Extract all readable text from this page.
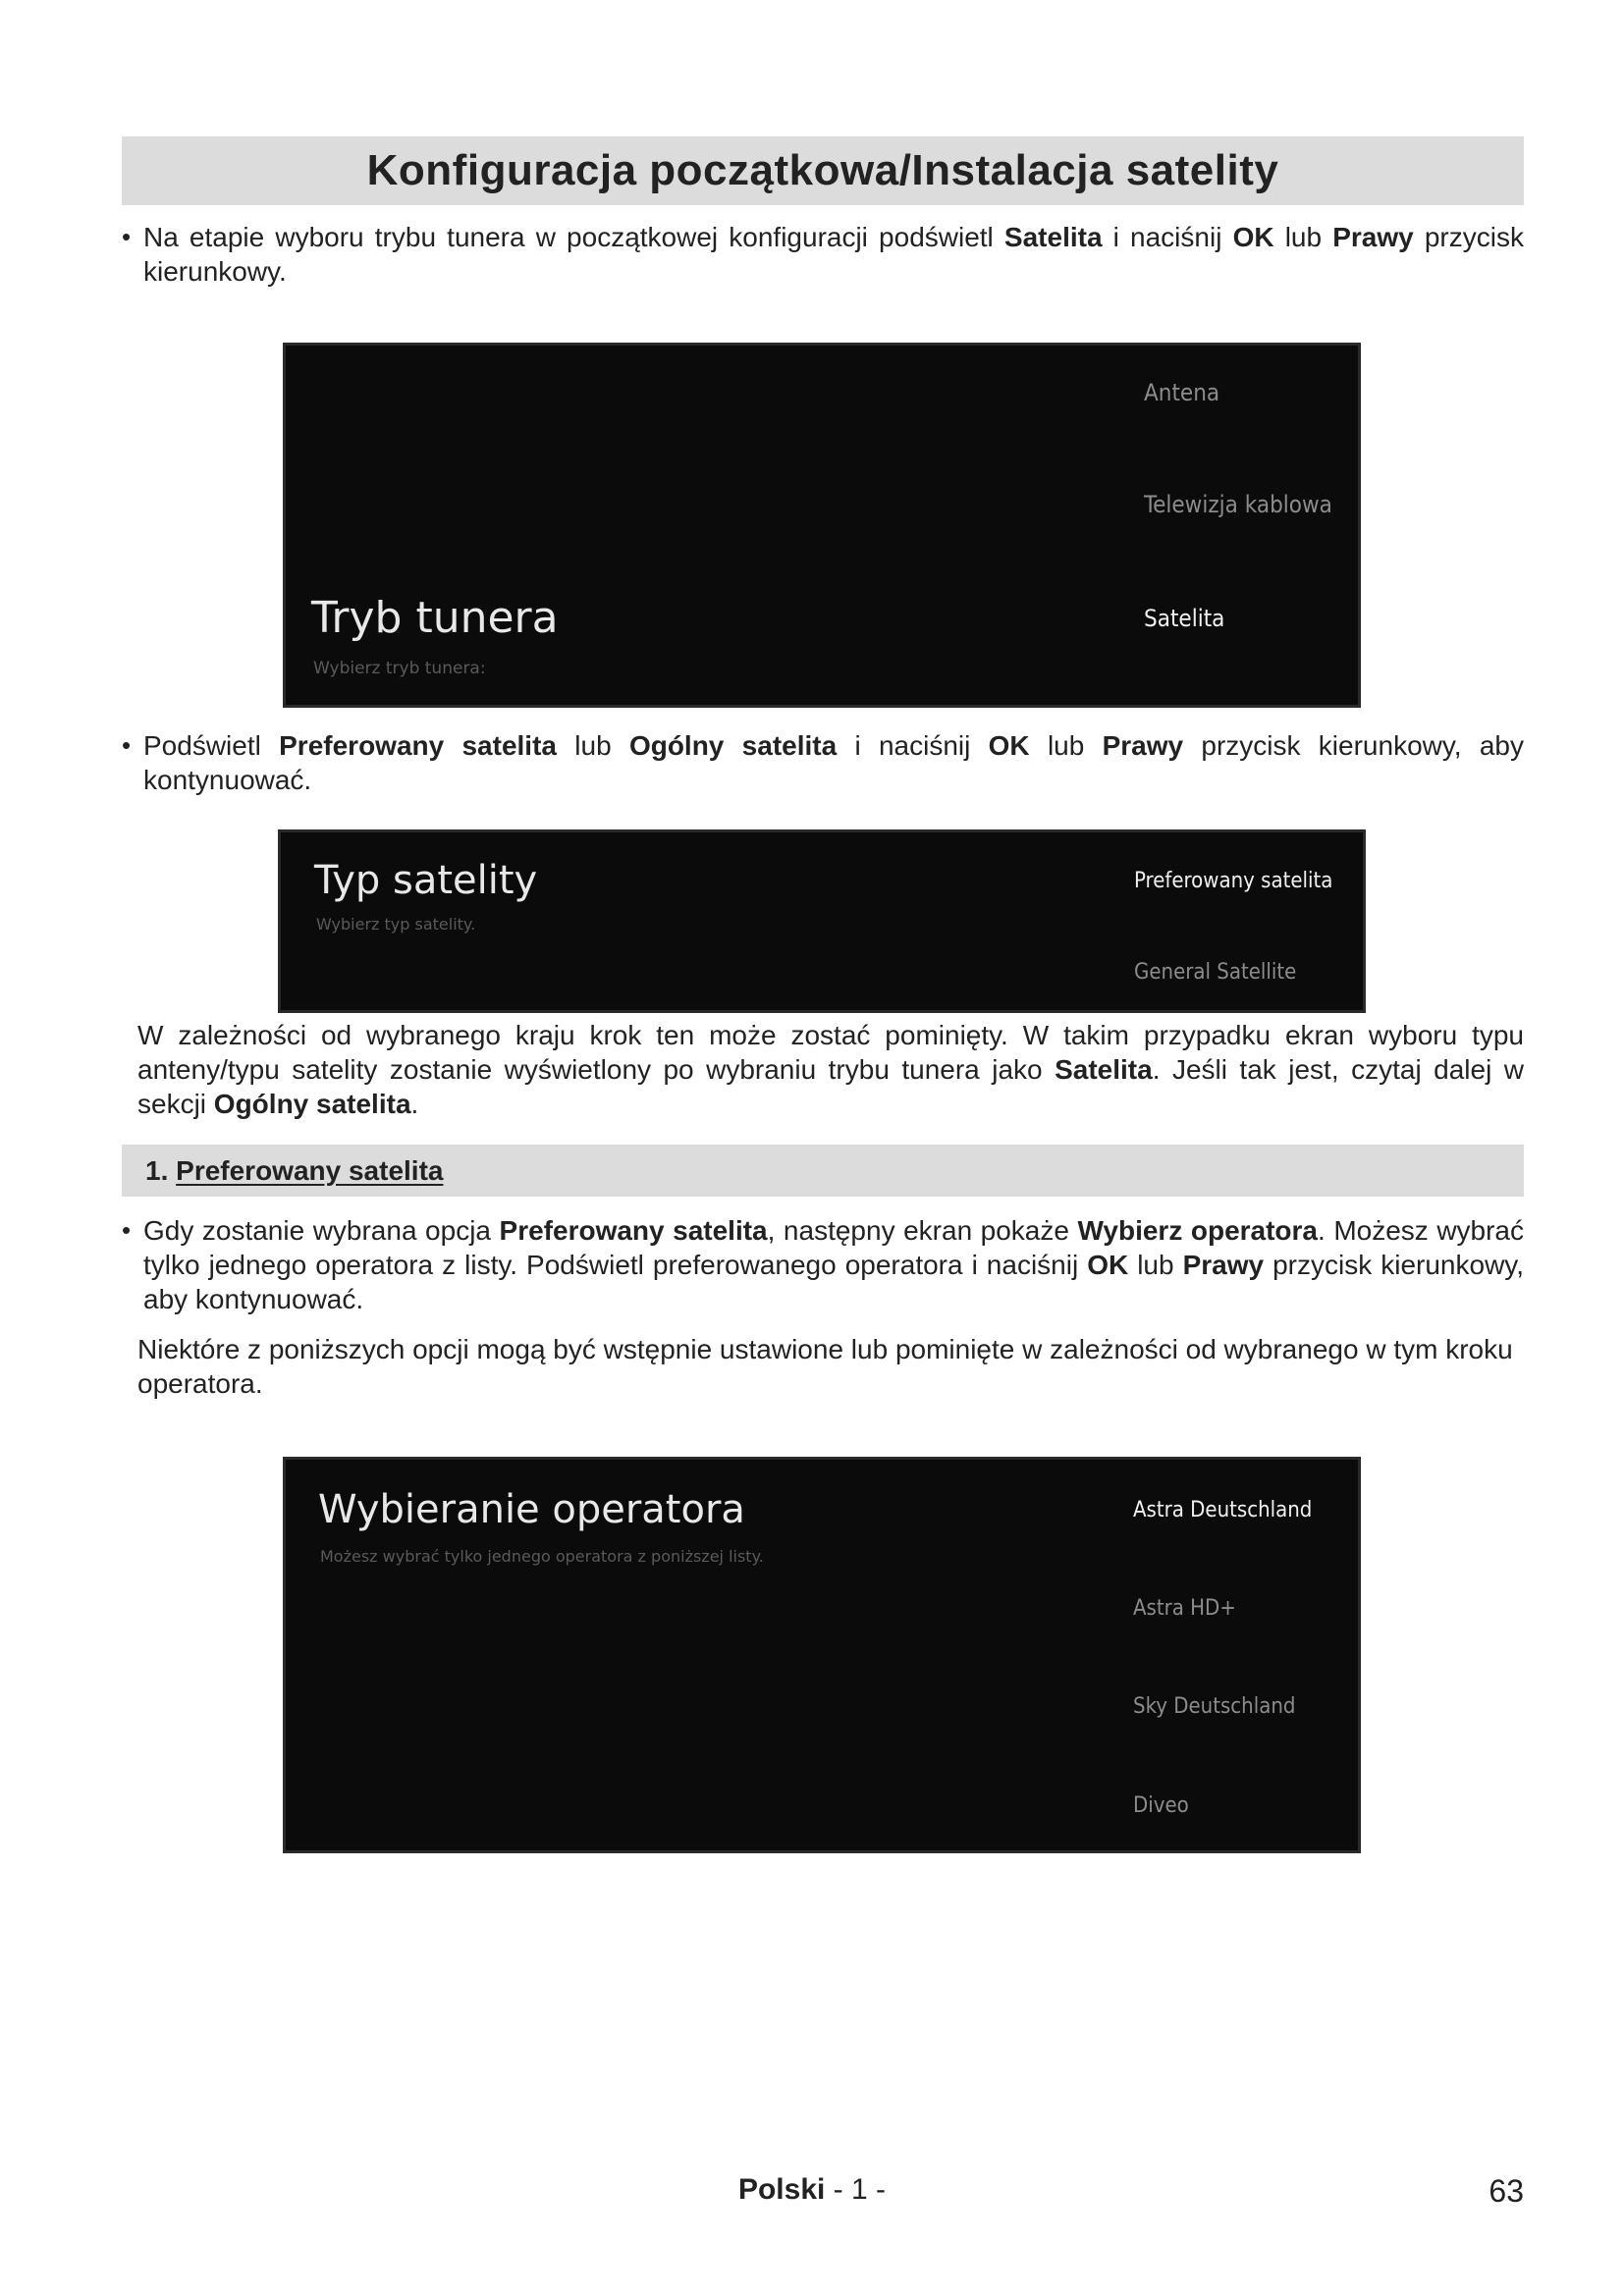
Konfiguracja początkowa/Instalacja satelity
• Na etapie wyboru trybu tunera w początkowej konfiguracji podświetl Satelita i naciśnij OK lub Prawy przycisk kierunkowy.
Tryb tunera
Wybierz tryb tunera:
Antena
Telewizja kablowa
Satelita
• Podświetl Preferowany satelita lub Ogólny satelita i naciśnij OK lub Prawy przycisk kierunkowy, aby kontynuować.
Typ satelity
Wybierz typ satelity.
Preferowany satelita
General Satellite
W zależności od wybranego kraju krok ten może zostać pominięty. W takim przypadku ekran wyboru typu anteny/typu satelity zostanie wyświetlony po wybraniu trybu tunera jako Satelita. Jeśli tak jest, czytaj dalej w sekcji Ogólny satelita.
1. Preferowany satelita
• Gdy zostanie wybrana opcja Preferowany satelita, następny ekran pokaże Wybierz operatora. Możesz wybrać tylko jednego operatora z listy. Podświetl preferowanego operatora i naciśnij OK lub Prawy przycisk kierunkowy, aby kontynuować.
Niektóre z poniższych opcji mogą być wstępnie ustawione lub pominięte w zależności od wybranego w tym kroku operatora.
Wybieranie operatora
Możesz wybrać tylko jednego operatora z poniższej listy.
Astra Deutschland
Astra HD+
Sky Deutschland
Diveo
Polski - 1 -	63
